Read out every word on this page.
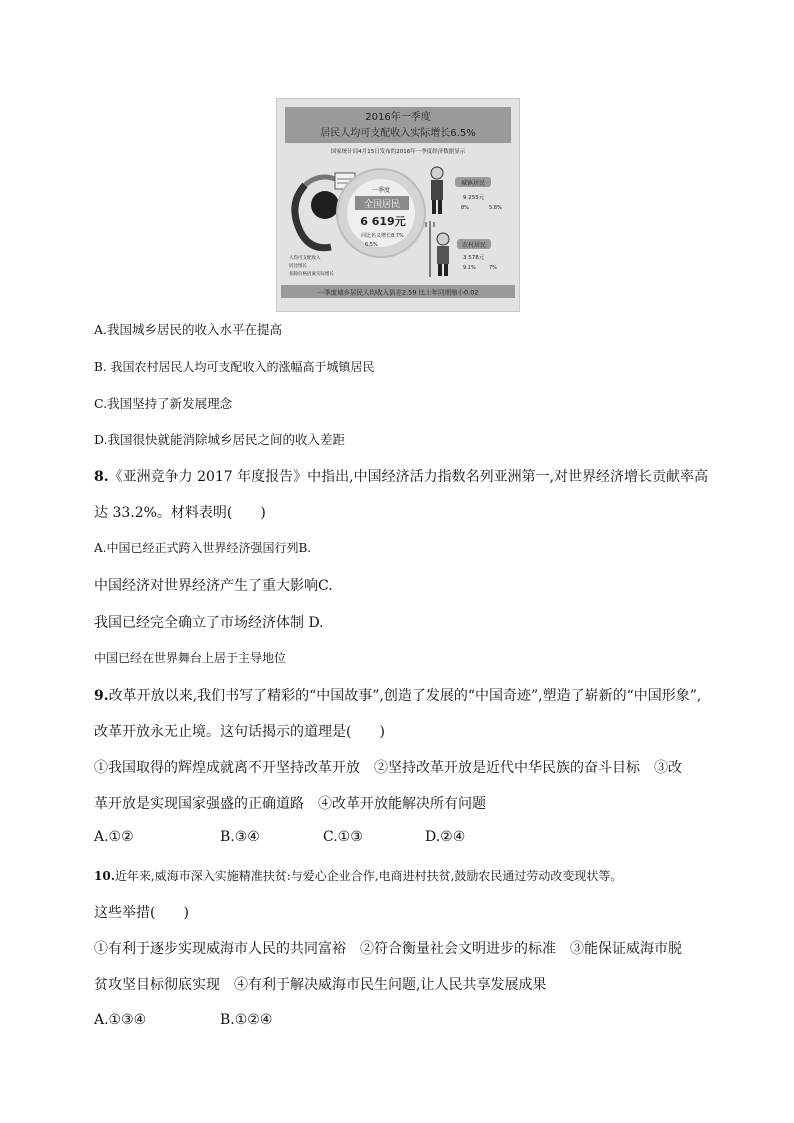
2016年一季度
居民人均可支配收入实际增长6.5%
国家统计局4月15日发布的2016年一季度经济数据显示
一季度
全国居民
6 619元
同比名义增长8.7%
6.5%
城镇居民
9 255元
8%	5.8%
农村居民
3 578元
9.1%	7%
人均可支配收入
同比增长
扣除价格因素实际增长
一季度城乡居民人均收入倍差2.59 比上年同期缩小0.02
A.我国城乡居民的收入水平在提高
B. 我国农村居民人均可支配收入的涨幅高于城镇居民
C.我国坚持了新发展理念
D.我国很快就能消除城乡居民之间的收入差距
8.《亚洲竞争力 2017 年度报告》中指出,中国经济活力指数名列亚洲第一,对世界经济增长贡献率高
达 33.2%。材料表明(　　)
A.中国已经正式跨入世界经济强国行列B.
中国经济对世界经济产生了重大影响C.
我国已经完全确立了市场经济体制 D.
中国已经在世界舞台上居于主导地位
9.改革开放以来,我们书写了精彩的“中国故事”,创造了发展的“中国奇迹”,塑造了崭新的“中国形象”,
改革开放永无止境。这句话揭示的道理是(　　)
①我国取得的辉煌成就离不开坚持改革开放　②坚持改革开放是近代中华民族的奋斗目标　③改
革开放是实现国家强盛的正确道路　④改革开放能解决所有问题
A.①②	B.③④	C.①③	D.②④
10.近年来,威海市深入实施精准扶贫:与爱心企业合作,电商进村扶贫,鼓励农民通过劳动改变现状等。
这些举措(　　)
①有利于逐步实现威海市人民的共同富裕　②符合衡量社会文明进步的标准　③能保证威海市脱
贫攻坚目标彻底实现　④有利于解决威海市民生问题,让人民共享发展成果
A.①③④	B.①②④
